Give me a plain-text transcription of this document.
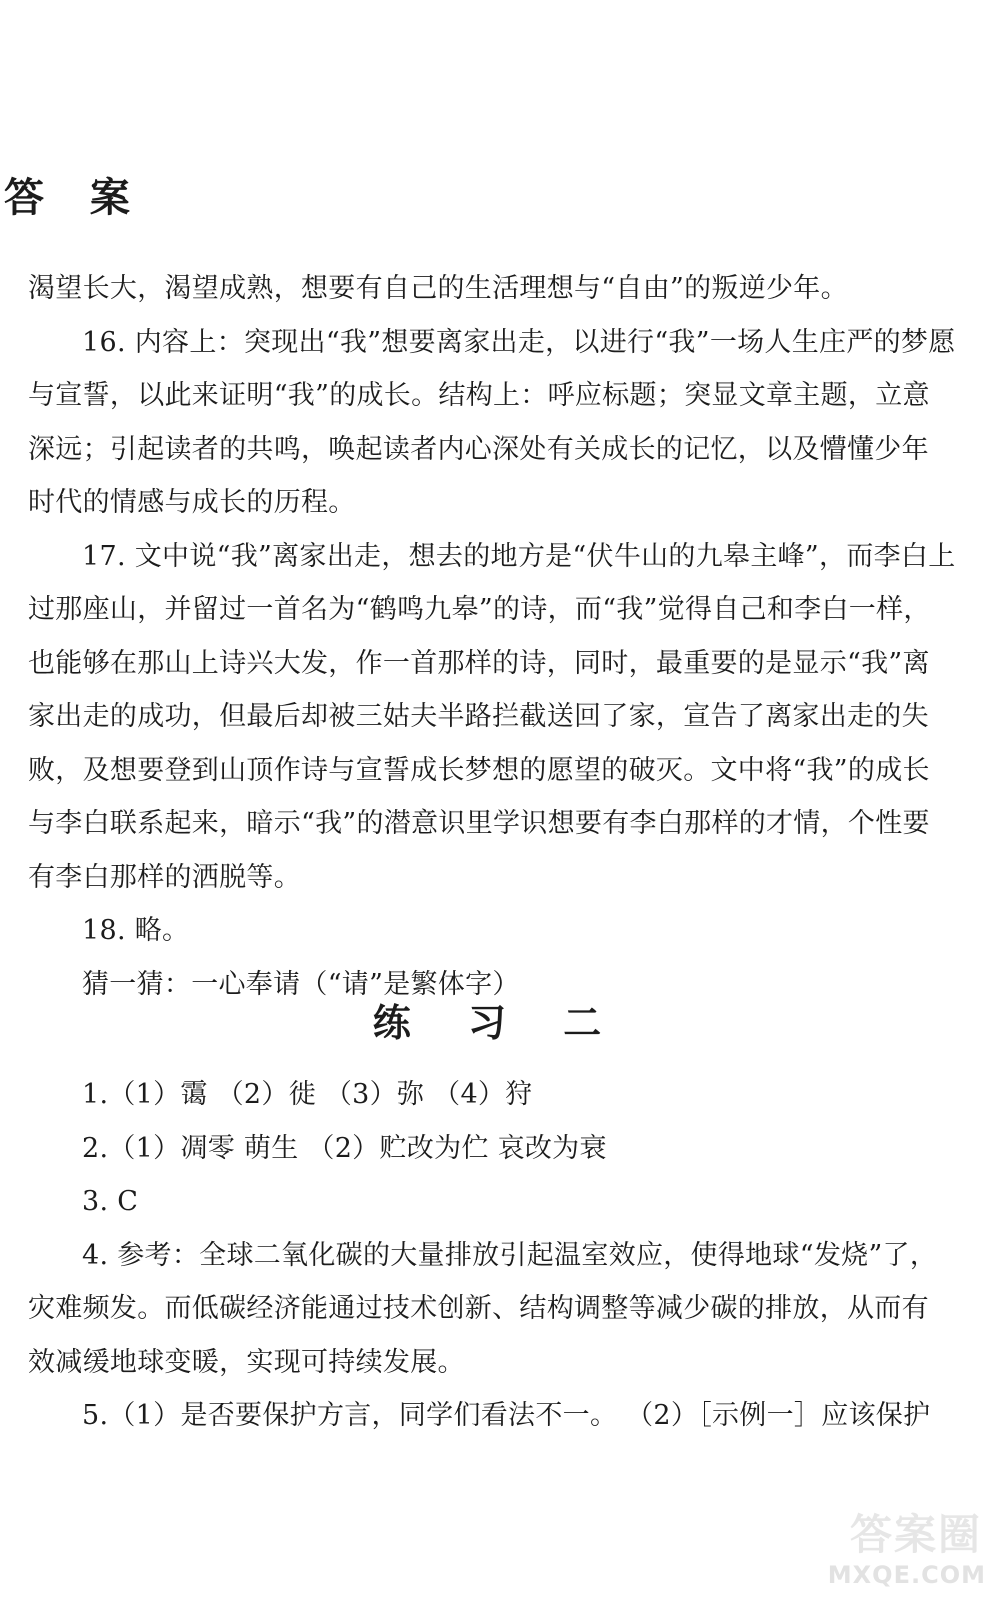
答 案

渴望长大，渴望成熟，想要有自己的生活理想与“自由”的叛逆少年。

16. 内容上：突现出“我”想要离家出走，以进行“我”一场人生庄严的梦愿与宣誓，以此来证明“我”的成长。结构上：呼应标题；突显文章主题，立意深远；引起读者的共鸣，唤起读者内心深处有关成长的记忆，以及懵懂少年时代的情感与成长的历程。

17. 文中说“我”离家出走，想去的地方是“伏牛山的九皋主峰”，而李白上过那座山，并留过一首名为“鹤鸣九皋”的诗，而“我”觉得自己和李白一样，也能够在那山上诗兴大发，作一首那样的诗，同时，最重要的是显示“我”离家出走的成功，但最后却被三姑夫半路拦截送回了家，宣告了离家出走的失败，及想要登到山顶作诗与宣誓成长梦想的愿望的破灭。文中将“我”的成长与李白联系起来，暗示“我”的潜意识里学识想要有李白那样的才情，个性要有李白那样的洒脱等。

18. 略。

猜一猜：一心奉请（“请”是繁体字）

练 习 二

1.（1）霭 （2）徙 （3）弥 （4）狩

2.（1）凋零 萌生 （2）贮改为伫 哀改为衰

3. C

4. 参考：全球二氧化碳的大量排放引起温室效应，使得地球“发烧”了，灾难频发。而低碳经济能通过技术创新、结构调整等减少碳的排放，从而有效减缓地球变暖，实现可持续发展。

5.（1）是否要保护方言，同学们看法不一。 （2）［示例一］应该保护

答案圈
MXQE.COM
